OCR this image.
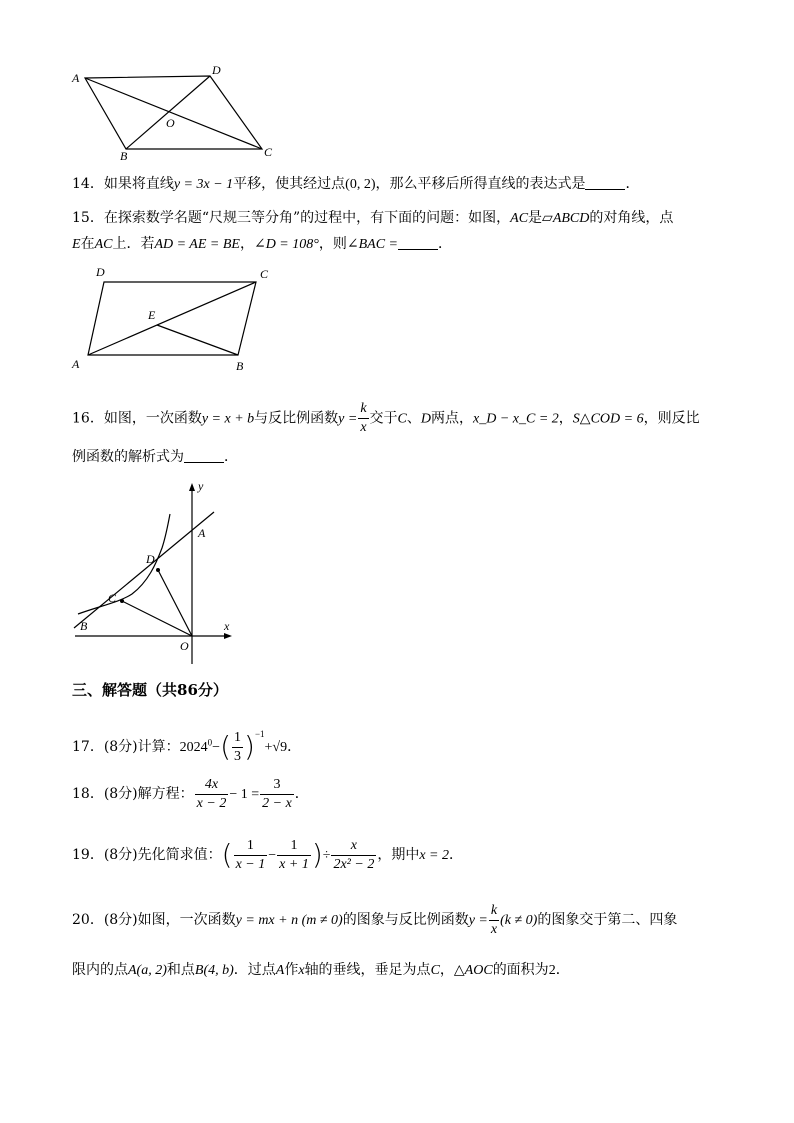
A
D
O
B	C
14．如果将直线y = 3x − 1平移，使其经过点(0, 2)，那么平移后所得直线的表达式是	．
15．在探索数学名题“尺规三等分角”的过程中，有下面的问题：如图，AC是▱ABCD的对角线，点
E在AC上．若AD = AE = BE，∠D = 108°，则∠BAC =	．
D	C
E
A	B
16．如图，一次函数y = x + b与反比例函数$y = \frac{k}{x}$ 交于C、D两点，x_D − x_C = 2，S△COD = 6，则反比
例函数的解析式为	．
y
A
D
C
B	x
O
三、解答题（共86分）
17．(8分)计算：$2024^0-( \frac{1}{3} )^{-1}+√9$．
18．(8分)解方程： $\frac{4x}{x - 2} - 1 = \frac{3}{2 - x}$ ．
19．(8分)先化简求值：( $\frac{1}{x - 1} - \frac{1}{x + 1}$ )÷ $\frac{x}{\text{2x² − 2}}$ ，期中x = 2．
20．(8分)如图，一次函数y = mx + n (m ≠ 0)的图象与反比例函数$y = \frac{k}{x} (k \ne 0)$的图象交于第二、四象
限内的点A(a, 2)和点B(4, b)．过点A作x轴的垂线，垂足为点C，△AOC的面积为2．
